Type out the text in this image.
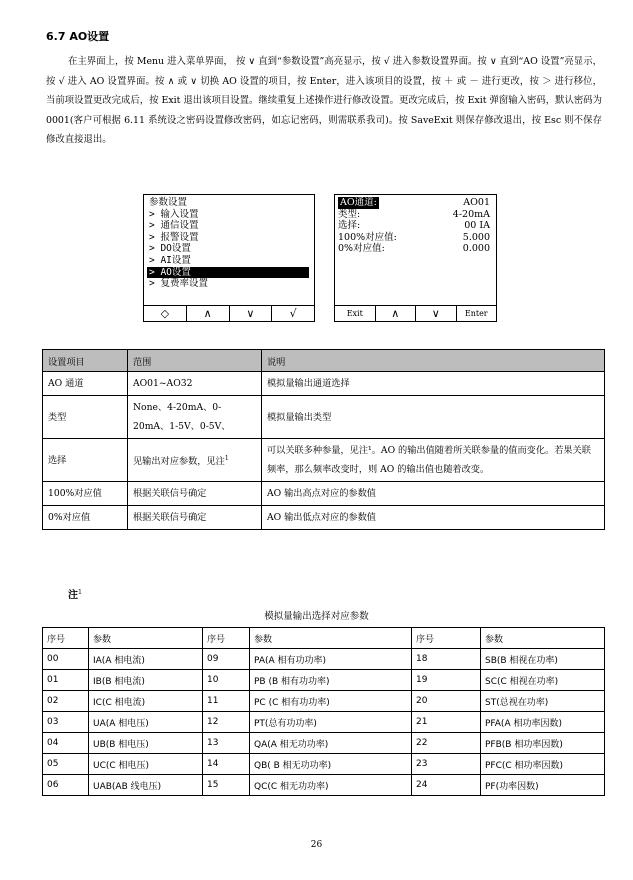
6.7 AO设置
在主界面上，按 Menu 进入菜单界面， 按 ∨ 直到“参数设置”高亮显示，按 √ 进入参数设置界面。按 ∨ 直到“AO 设置”亮显示，按 √ 进入 AO 设置界面。按 ∧ 或 ∨ 切换 AO 设置的项目，按 Enter，进入该项目的设置，按 ＋ 或 － 进行更改，按 ＞ 进行移位，当前项设置更改完成后，按 Exit 退出该项目设置。继续重复上述操作进行修改设置。更改完成后，按 Exit 弹窗输入密码，默认密码为 0001(客户可根据 6.11 系统设之密码设置修改密码，如忘记密码，则需联系我司)。按 SaveExit 则保存修改退出，按 Esc 则不保存修改直接退出。
参数设置
> 输入设置
> 通信设置
> 报警设置
> DO设置
> AI设置
> AO设置
> 复费率设置
◇	∧	∨	√
AO通道:	AO01
类型:	4-20mA
选择:	00 IA
100%对应值:	5.000
0%对应值:	0.000
Exit	∧	∨	Enter
设置项目	范围	说明
AO 通道	AO01~AO32	模拟量输出通道选择
类型	None、4-20mA、0-20mA、1-5V、0-5V、	模拟量输出类型
选择	见输出对应参数，见注$^1$	可以关联多种参量，见注¹。AO 的输出值随着所关联参量的值而变化。若果关联频率，那么频率改变时，则 AO 的输出值也随着改变。
100%对应值	根据关联信号确定	AO 输出高点对应的参数值
0%对应值	根据关联信号确定	AO 输出低点对应的参数值
注$^1$
模拟量输出选择对应参数
序号	参数	序号	参数	序号	参数
00	IA(A 相电流)	09	PA(A 相有功功率)	18	SB(B 相视在功率)
01	IB(B 相电流)	10	PB (B 相有功功率)	19	SC(C 相视在功率)
02	IC(C 相电流)	11	PC (C 相有功功率)	20	ST(总视在功率)
03	UA(A 相电压)	12	PT(总有功功率)	21	PFA(A 相功率因数)
04	UB(B 相电压)	13	QA(A 相无功功率)	22	PFB(B 相功率因数)
05	UC(C 相电压)	14	QB( B 相无功功率)	23	PFC(C 相功率因数)
06	UAB(AB 线电压)	15	QC(C 相无功功率)	24	PF(功率因数)
26
